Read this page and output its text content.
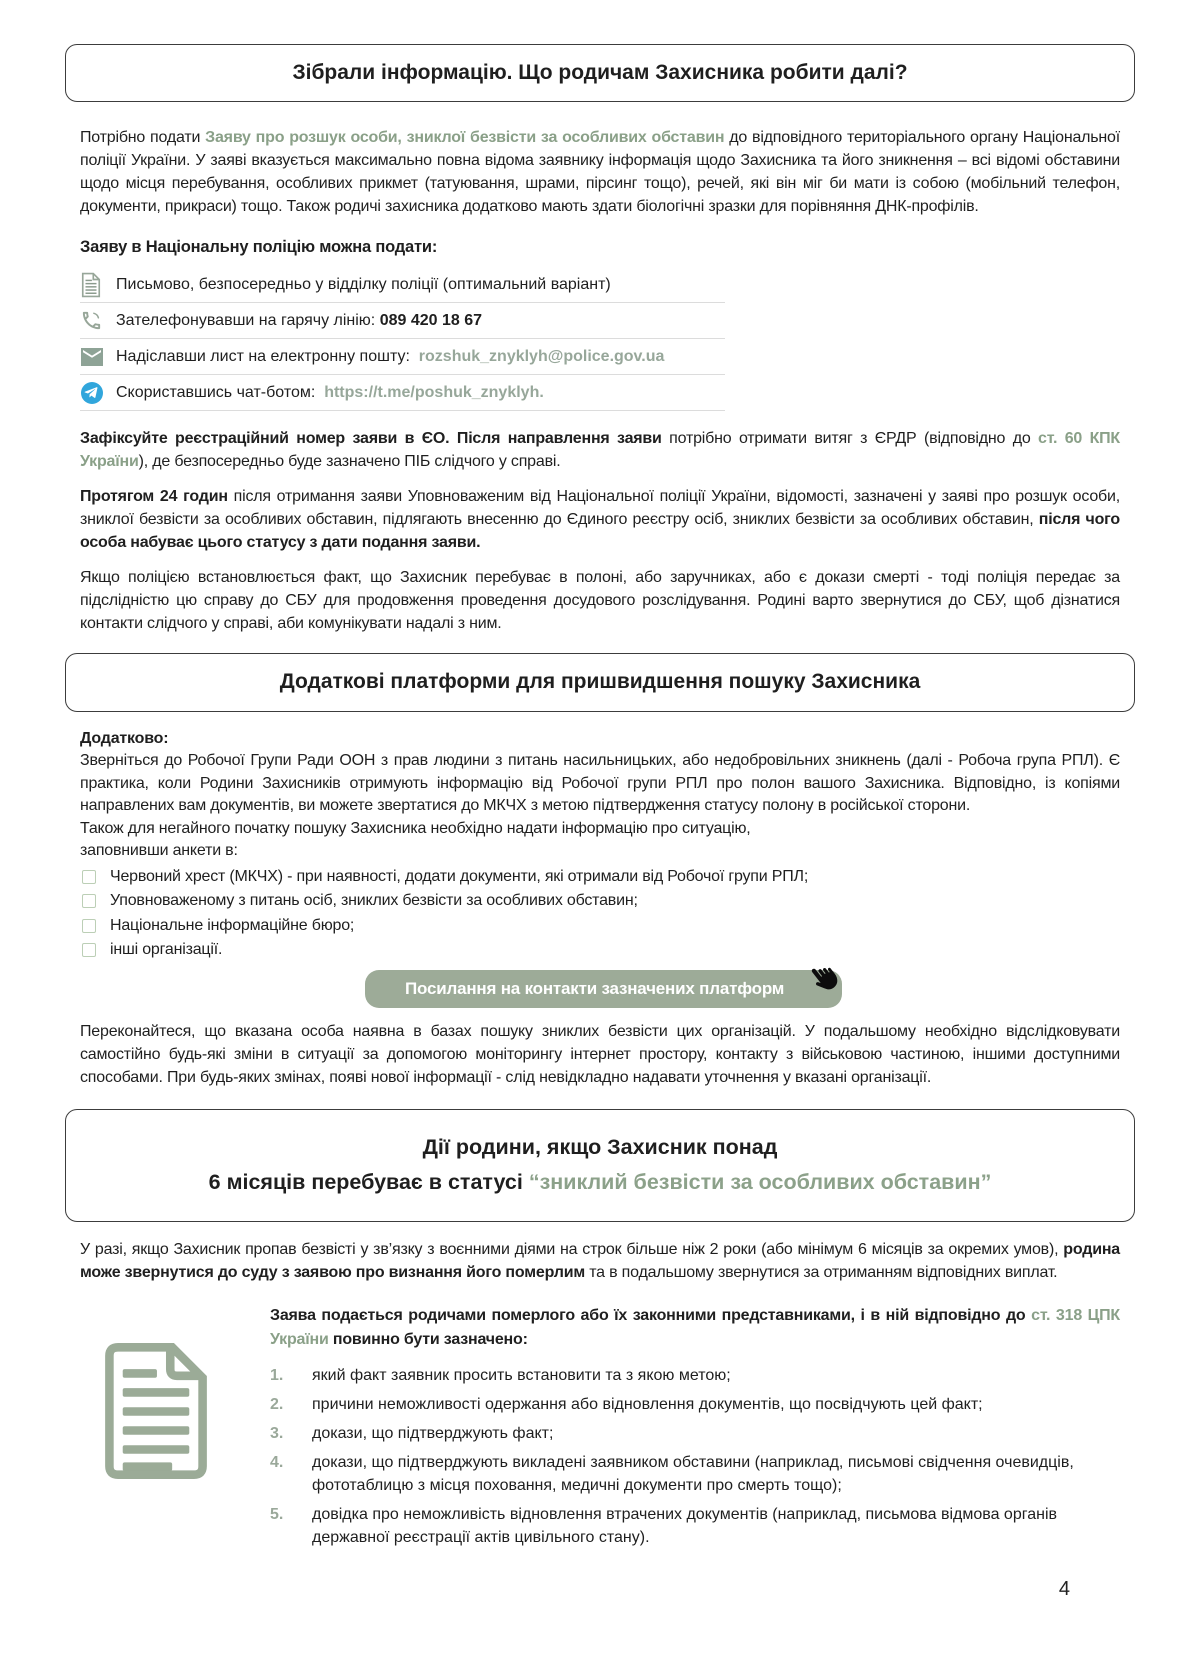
Зібрали інформацію. Що родичам Захисника робити далі?

Потрібно подати Заяву про розшук особи, зниклої безвісти за особливих обставин до відповідного територіального органу Національної поліції України. У заяві вказується максимально повна відома заявнику інформація щодо Захисника та його зникнення – всі відомі обставини щодо місця перебування, особливих прикмет (татуювання, шрами, пірсинг тощо), речей, які він міг би мати із собою (мобільний телефон, документи, прикраси) тощо. Також родичі захисника додатково мають здати біологічні зразки для порівняння ДНК-профілів.

Заяву в Національну поліцію можна подати:

Письмово, безпосередньо у відділку поліції (оптимальний варіант)
Зателефонувавши на гарячу лінію:
089 420 18 67
Надіславши лист на електронну пошту:
rozshuk_znyklyh@police.gov.ua
Скориставшись чат-ботом:
https://t.me/poshuk_znyklyh.

Зафіксуйте реєстраційний номер заяви в ЄО. Після направлення заяви потрібно отримати витяг з ЄРДР (відповідно до ст. 60 КПК України), де безпосередньо буде зазначено ПІБ слідчого у справі.

Протягом 24 годин після отримання заяви Уповноваженим від Національної поліції України, відомості, зазначені у заяві про розшук особи, зниклої безвісти за особливих обставин, підлягають внесенню до Єдиного реєстру осіб, зниклих безвісти за особливих обставин, після чого особа набуває цього статусу з дати подання заяви.

Якщо поліцією встановлюється факт, що Захисник перебуває в полоні, або заручниках, або є докази смерті - тоді поліція передає за підслідністю цю справу до СБУ для продовження проведення досудового розслідування. Родині варто звернутися до СБУ, щоб дізнатися контакти слідчого у справі, аби комунікувати надалі з ним.

Додаткові платформи для пришвидшення пошуку Захисника

Додатково:

Зверніться до Робочої Групи Ради ООН з прав людини з питань насильницьких, або недобровільних зникнень (далі - Робоча група РПЛ). Є практика, коли Родини Захисників отримують інформацію від Робочої групи РПЛ про полон вашого Захисника. Відповідно, із копіями направлених вам документів, ви можете звертатися до МКЧХ з метою підтвердження статусу полону в російської сторони.

Також для негайного початку пошуку Захисника необхідно надати інформацію про ситуацію,

заповнивши анкети в:

Червоний хрест (МКЧХ) - при наявності, додати документи, які отримали від Робочої групи РПЛ;
Уповноваженому з питань осіб, зниклих безвісти за особливих обставин;
Національне інформаційне бюро;
інші організації.
Посилання на контакти зазначених платформ

Переконайтеся, що вказана особа наявна в базах пошуку зниклих безвісти цих організацій. У подальшому необхідно відслідковувати самостійно будь-які зміни в ситуації за допомогою моніторингу інтернет простору, контакту з військовою частиною, іншими доступними способами. При будь-яких змінах, появі нової інформації - слід невідкладно надавати уточнення у вказані організації.

Дії родини, якщо Захисник понад
6 місяців перебуває в статусі “зниклий безвісти за особливих обставин”

У разі, якщо Захисник пропав безвісті у зв’язку з воєнними діями на строк більше ніж 2 роки (або мінімум 6 місяців за окремих умов), родина може звернутися до суду з заявою про визнання його померлим та в подальшому звернутися за отриманням відповідних виплат.

Заява подається родичами померлого або їх законними представниками, і в ній відповідно до ст. 318 ЦПК України повинно бути зазначено:

1.	який факт заявник просить встановити та з якою метою;
2.	причини неможливості одержання або відновлення документів, що посвідчують цей факт;
3.	докази, що підтверджують факт;
4.	докази, що підтверджують викладені заявником обставини (наприклад, письмові свідчення очевидців, фототаблицю з місця поховання, медичні документи про смерть тощо);
5.	довідка про неможливість відновлення втрачених документів (наприклад, письмова відмова органів державної реєстрації актів цивільного стану).
4
